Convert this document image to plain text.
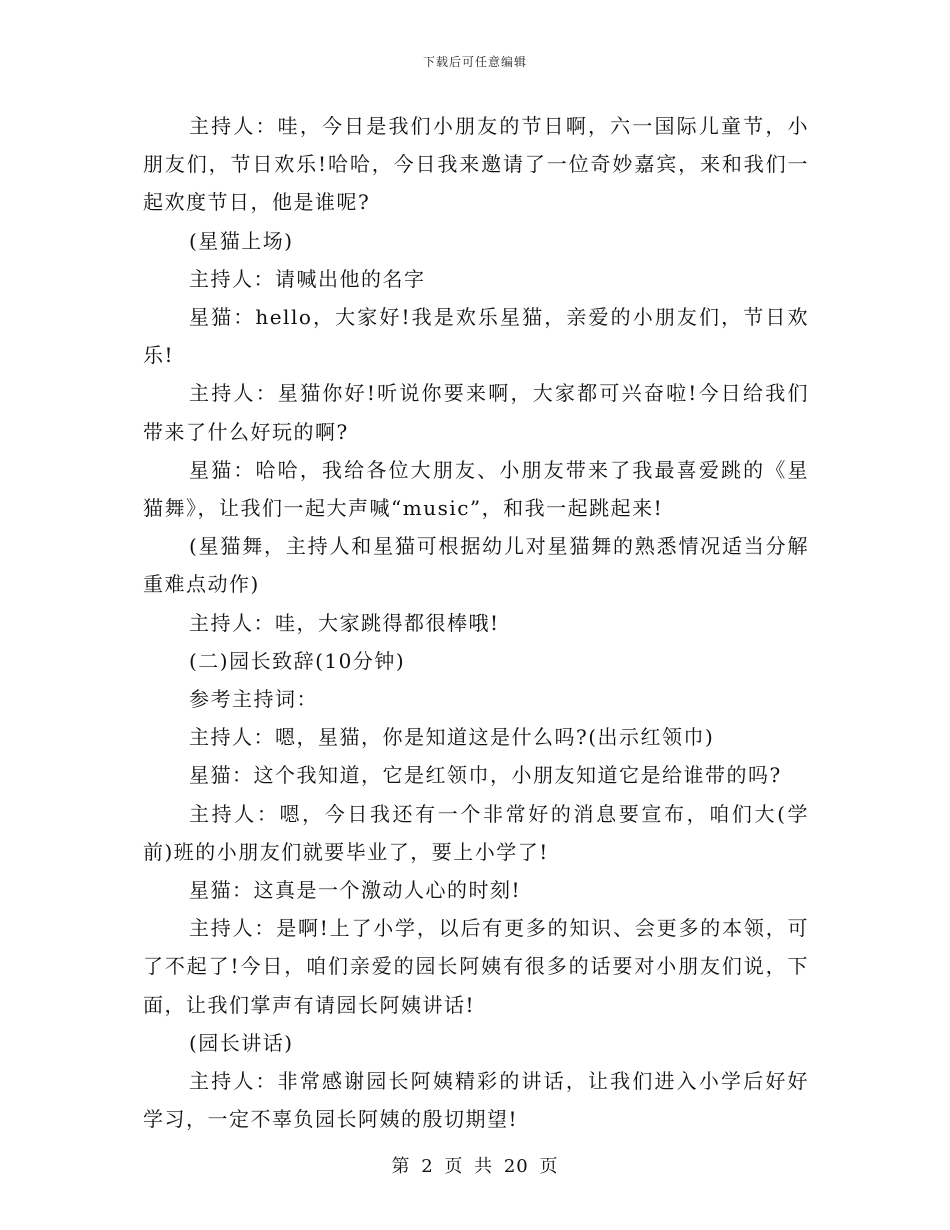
下载后可任意编辑

主持人：哇，今日是我们小朋友的节日啊，六一国际儿童节，小朋友们，节日欢乐!哈哈，今日我来邀请了一位奇妙嘉宾，来和我们一起欢度节日，他是谁呢?

(星猫上场)

主持人：请喊出他的名字

星猫：hello，大家好!我是欢乐星猫，亲爱的小朋友们，节日欢乐!

主持人：星猫你好!听说你要来啊，大家都可兴奋啦!今日给我们带来了什么好玩的啊?

星猫：哈哈，我给各位大朋友、小朋友带来了我最喜爱跳的《星猫舞》，让我们一起大声喊“music”，和我一起跳起来!

(星猫舞，主持人和星猫可根据幼儿对星猫舞的熟悉情况适当分解重难点动作)

主持人：哇，大家跳得都很棒哦!

(二)园长致辞(10分钟)

参考主持词：

主持人：嗯，星猫，你是知道这是什么吗?(出示红领巾)

星猫：这个我知道，它是红领巾，小朋友知道它是给谁带的吗?

主持人：嗯，今日我还有一个非常好的消息要宣布，咱们大(学前)班的小朋友们就要毕业了，要上小学了!

星猫：这真是一个激动人心的时刻!

主持人：是啊!上了小学，以后有更多的知识、会更多的本领，可了不起了!今日，咱们亲爱的园长阿姨有很多的话要对小朋友们说，下面，让我们掌声有请园长阿姨讲话!

(园长讲话)

主持人：非常感谢园长阿姨精彩的讲话，让我们进入小学后好好学习，一定不辜负园长阿姨的殷切期望!

第 2 页 共 20 页
